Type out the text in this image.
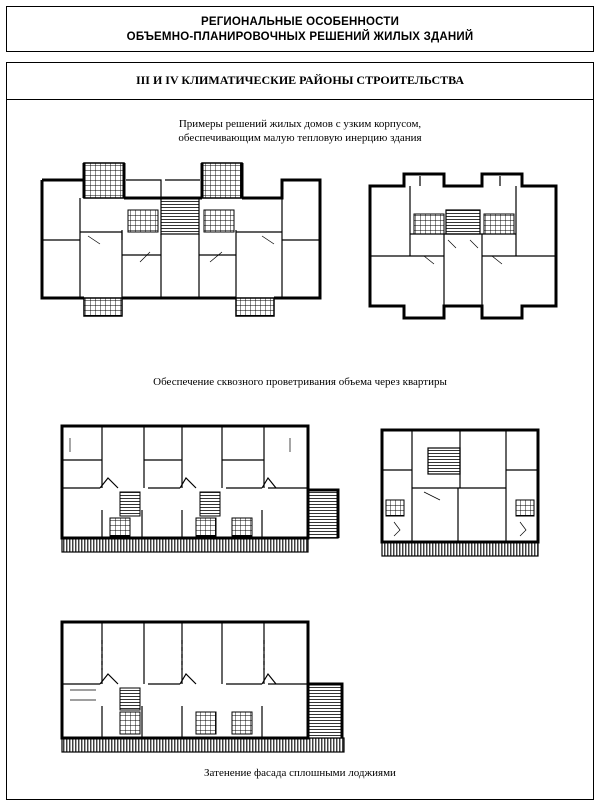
РЕГИОНАЛЬНЫЕ ОСОБЕННОСТИ
ОБЪЕМНО-ПЛАНИРОВОЧНЫХ РЕШЕНИЙ ЖИЛЫХ ЗДАНИЙ
III И IV КЛИМАТИЧЕСКИЕ РАЙОНЫ СТРОИТЕЛЬСТВА
Примеры решений жилых домов с узким корпусом,
обеспечивающим малую тепловую инерцию здания
Обеспечение сквозного проветривания объема через квартиры
Затенение фасада сплошными лоджиями
